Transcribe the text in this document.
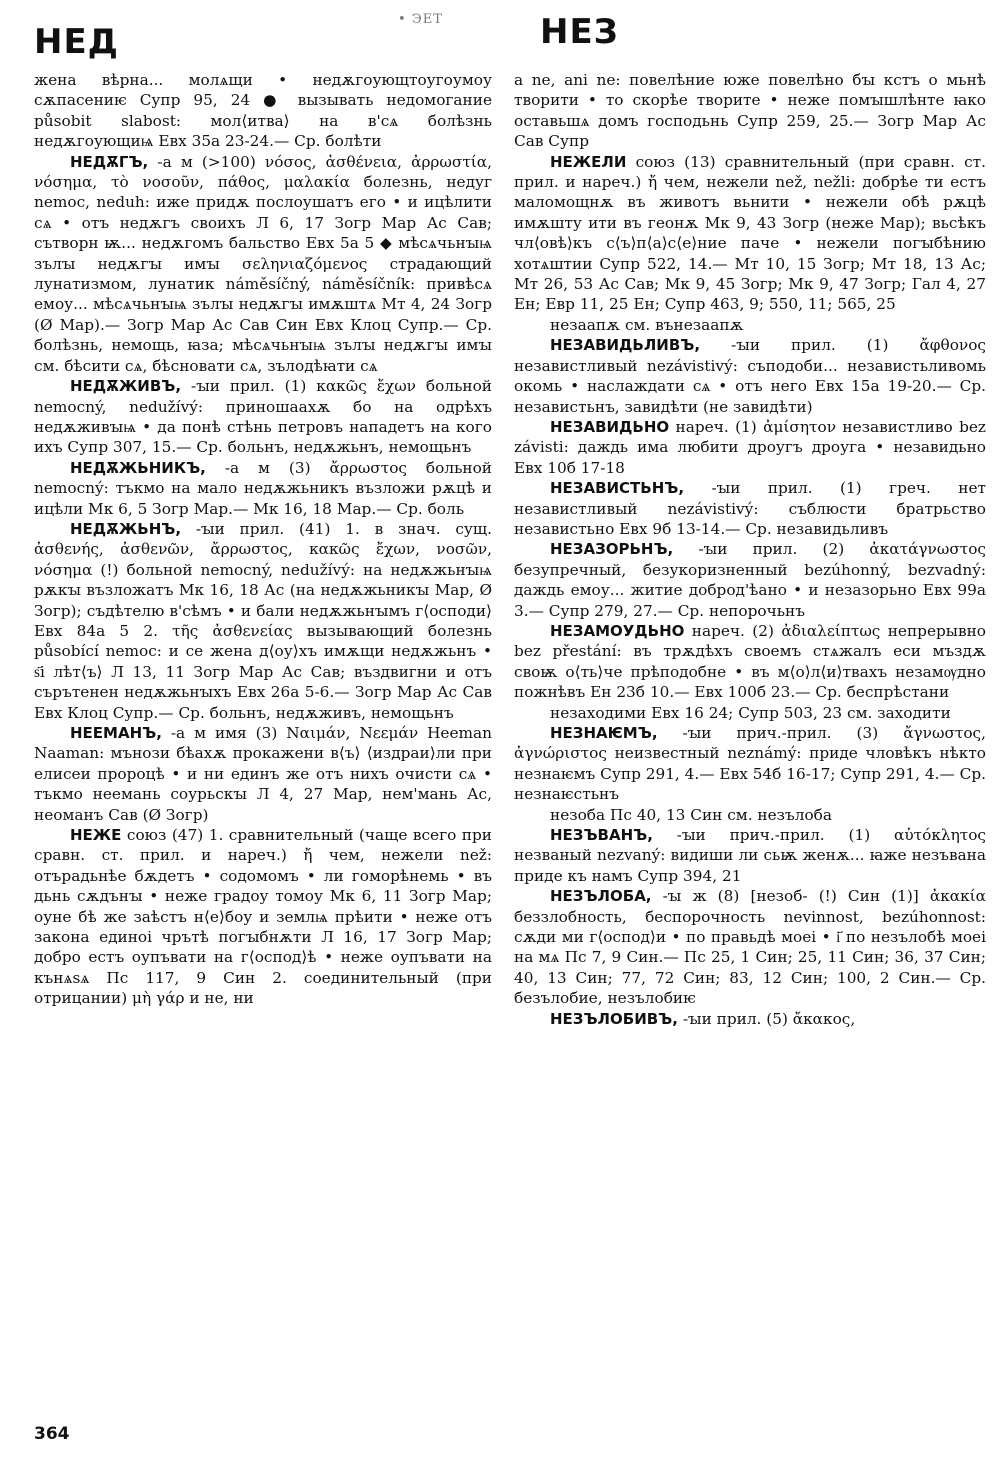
НЕД
• ЭЕТ	НЕЗ

жена вѣрна... молѧщи • недѫгоующтоугоумоу сѫпасениѥ Супр 95, 24 ● вызывать недомогание působit slabost: мол⟨итва⟩ на в'сѧ болѣзнь недѫгоующиѩ Евх 35а 23-24.— Ср. болѣти

НЕДѪГЪ, -а м (>100) νόσος, ἀσθένεια, ἀρρωστία, νόσημα, τὸ νοσοῦν, πάθος, μαλακία болезнь, недуг nemoc, neduh: иже придѫ послоушатъ его • и ицѣлити сѧ • отъ недѫгъ своихъ Л 6, 17 Зогр Мар Ас Сав; сътворн ѭ... недѫгомъ бальство Евх 5а 5 ◆ мѣсѧчьнꙑѩ зълꙑ недѫгꙑ имꙑ σεληνιαζόμενος страдающий лунатизмом, лунатик náměsíčný, náměsíčník: привѣсѧ емоу... мѣсѧчьнꙑѩ зълꙑ недѫгꙑ имѫштѧ Мт 4, 24 Зогр (Ø Мар).— Зогр Мар Ас Сав Син Евх Клоц Супр.— Ср. болѣзнь, немощь, ꙗза; мѣсѧчьнꙑѩ зълꙑ недѫгꙑ имꙑ см. бѣсити сѧ, бѣсновати сѧ, зълодѣꙗти сѧ

НЕДѪЖИВЪ, -ꙑи прил. (1) κακῶς ἔχων больной nemocný, nedužívý: приношаахѫ бо на одрѣхъ недѫживꙑѩ • да понѣ стѣнь петровъ нападетъ на кого ихъ Супр 307, 15.— Ср. больнъ, недѫжьнъ, немощьнъ

НЕДѪЖЬНИКЪ, -а м (3) ἄρρωστος больной nemocný: тъкмо на мало недѫжьникъ възложи рѫцѣ и ицѣли Мк 6, 5 Зогр Мар.— Мк 16, 18 Мар.— Ср. боль

НЕДѪЖЬНЪ, -ꙑи прил. (41) 1. в знач. сущ. ἀσθενής, ἀσθενῶν, ἄρρωστος, κακῶς ἔχων, νοσῶν, νόσημα (!) больной nemocný, nedužívý: на недѫжьнꙑѩ рѫкꙑ възложатъ Мк 16, 18 Ас (на недѫжьникꙑ Мар, Ø Зогр); съдѣтелю в'сѣмъ • и бали недѫжьнꙑмъ г⟨осподи⟩ Евх 84а 5 2. τῆς ἀσθενείας вызывающий болезнь působící nemoc: и се жена д⟨оу⟩хъ имѫщи недѫжьнъ • ѕ҃і лѣт⟨ъ⟩ Л 13, 11 Зогр Мар Ас Сав; въздвигни и отъ сърътенен недѫжьнꙑхъ Евх 26а 5-6.— Зогр Мар Ас Сав Евх Клоц Супр.— Ср. больнъ, недѫживъ, немощьнъ

НЕЕМАНЪ, -а м имя (3) Ναιμάν, Νεεμάν Неeman Naaman: мънози бѣахѫ прокажени в⟨ъ⟩ ⟨издраи⟩ли при елисеи пророцѣ • и ни единъ же отъ нихъ очисти сѧ • тъкмо неемань соурьскꙑ Л 4, 27 Мар, нем'мань Ас, неоманъ Сав (Ø Зогр)

НЕЖЕ союз (47) 1. сравнительный (чаще всего при сравн. ст. прил. и нареч.) ἤ чем, нежели než: отърадьнѣе бѫдетъ • содомомъ • ли гоморѣнемь • въ дьнь сѫдънꙑ • неже градоу томоу Мк 6, 11 Зогр Мар; оуне бѣ же заѣстъ н⟨е⟩боу и землѩ прѣити • неже отъ закона единоі чрътѣ погꙑбнѫти Л 16, 17 Зогр Мар; добро естъ оупъвати на г⟨оспод⟩ѣ • неже оупъвати на кънѧѕѧ Пс 117, 9 Син 2. соединительный (при отрицании) μὴ γάρ и не, ни

a ne, ani ne: повелѣние юже повелѣно бꙑ кстъ о мьнѣ творити • то скорѣе творите • неже помꙑшлѣнте ꙗко оставьшѧ домъ господьнь Супр 259, 25.— Зогр Мар Ас Сав Супр

НЕЖЕЛИ союз (13) сравнительный (при сравн. ст. прил. и нареч.) ἤ чем, нежели než, nežli: добрѣе ти естъ маломощнѫ въ животъ вьнити • нежели обѣ рѫцѣ имѫшту ити въ геонѫ Мк 9, 43 Зогр (неже Мар); вьсѣкъ чл⟨овѣ⟩къ с⟨ъ⟩п⟨а⟩с⟨е⟩ние паче • нежели погꙑбѣнию хотѧштии Супр 522, 14.— Мт 10, 15 Зогр; Мт 18, 13 Ас; Мт 26, 53 Ас Сав; Мк 9, 45 Зогр; Мк 9, 47 Зогр; Гал 4, 27 Ен; Евр 11, 25 Ен; Супр 463, 9; 550, 11; 565, 25

незаапѫ см. вънезаапѫ

НЕЗАВИДЬЛИВЪ, -ꙑи прил. (1) ἄφθονος независтливый nezávistivý: съподоби... независтьливомь окомь • наслаждати сѧ • отъ него Евх 15а 19-20.— Ср. независтьнъ, завидѣти (не завидѣти)

НЕЗАВИДЬНО нареч. (1) ἀμίσητον независтливо bez závisti: даждь има любити дроугъ дроуга • незавидьно Евх 10б 17-18

НЕЗАВИСТЬНЪ, -ꙑи прил. (1) греч. нет независтливый nezávistivý: съблюсти братрьство независтьно Евх 9б 13-14.— Ср. незавидьливъ

НЕЗАЗОРЬНЪ, -ꙑи прил. (2) ἀκατάγνωστος безупречный, безукоризненный bezúhonný, bezvadný: даждь емоу... житие доброд'ѣано • и незазорьно Евх 99а 3.— Супр 279, 27.— Ср. непорочьнъ

НЕЗАМОУДЬНО нареч. (2) ἀδιαλείπτως непрерывно bez přestání: въ трѫдѣхъ своемъ стѧжалъ еси мъздѫ своѭ о⟨ть⟩че прѣподобне • въ м⟨о⟩л⟨и⟩твахъ незамѹдно пожнѣвъ Ен 23б 10.— Евх 100б 23.— Ср. беспрѣстани

незаходими Евх 16 24; Супр 503, 23 см. заходити

НЕЗНАѤМЪ, -ꙑи прич.-прил. (3) ἄγνωστος, ἀγνώριστος неизвестный neznámý: приде чловѣкъ нѣкто незнаѥмъ Супр 291, 4.— Евх 54б 16-17; Супр 291, 4.— Ср. незнаѥстьнъ

незоба Пс 40, 13 Син см. незълоба

НЕЗЪВАНЪ, -ꙑи прич.-прил. (1) αὐτόκλητος незваный nezvaný: видиши ли сьѭ женѫ... ꙗже незъвана приде къ намъ Супр 394, 21

НЕЗЪЛОБА, -ꙑ ж (8) [незоб- (!) Син (1)] ἀκακία беззлобность, беспорочность nevinnost, bezúhonnost: сѫди ми г⟨оспод⟩и • по правьдѣ моеі • і҃ по незълобѣ моеі на мѧ Пс 7, 9 Син.— Пс 25, 1 Син; 25, 11 Син; 36, 37 Син; 40, 13 Син; 77, 72 Син; 83, 12 Син; 100, 2 Син.— Ср. безълобие, незълобиѥ

НЕЗЪЛОБИВЪ, -ꙑи прил. (5) ἄκακος,

364
